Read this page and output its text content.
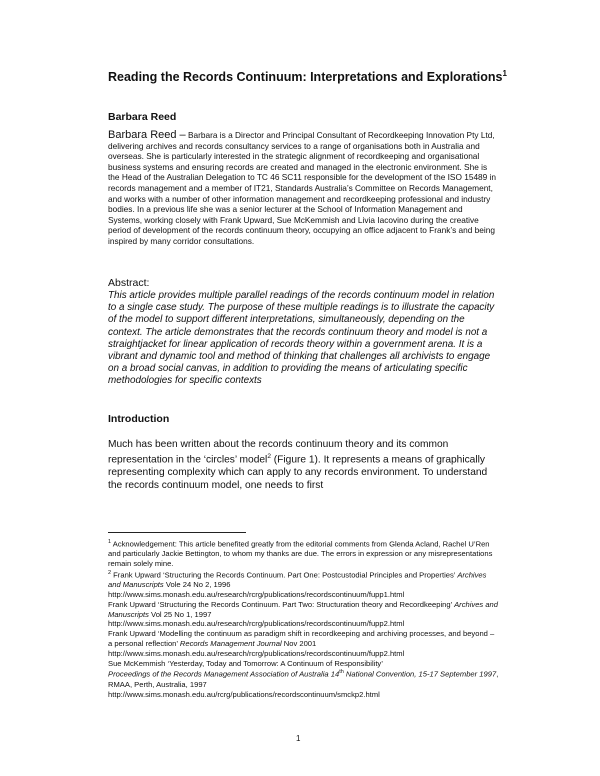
Reading the Records Continuum: Interpretations and Explorations$^1$
Barbara Reed
Barbara Reed – Barbara is a Director and Principal Consultant of Recordkeeping Innovation Pty Ltd, delivering archives and records consultancy services to a range of organisations both in Australia and overseas. She is particularly interested in the strategic alignment of recordkeeping and organisational business systems and ensuring records are created and managed in the electronic environment. She is the Head of the Australian Delegation to TC 46 SC11 responsible for the development of the ISO 15489 in records management and a member of IT21, Standards Australia’s Committee on Records Management, and works with a number of other information management and recordkeeping professional and industry bodies. In a previous life she was a senior lecturer at the School of Information Management and Systems, working closely with Frank Upward, Sue McKemmish and Livia Iacovino during the creative period of development of the records continuum theory, occupying an office adjacent to Frank’s and being inspired by many corridor consultations.
Abstract:
This article provides multiple parallel readings of the records continuum model in relation to a single case study. The purpose of these multiple readings is to illustrate the capacity of the model to support different interpretations, simultaneously, depending on the context. The article demonstrates that the records continuum theory and model is not a straightjacket for linear application of records theory within a government arena. It is a vibrant and dynamic tool and method of thinking that challenges all archivists to engage on a broad social canvas, in addition to providing the means of articulating specific methodologies for specific contexts
Introduction
Much has been written about the records continuum theory and its common representation in the ‘circles’ model$^2$ (Figure 1). It represents a means of graphically representing complexity which can apply to any records environment. To understand the records continuum model, one needs to first

$^1$ Acknowledgement: This article benefited greatly from the editorial comments from Glenda Acland, Rachel U’Ren and particularly Jackie Bettington, to whom my thanks are due. The errors in expression or any misrepresentations remain solely mine.

$^2$ Frank Upward ‘Structuring the Records Continuum. Part One: Postcustodial Principles and Properties’ Archives and Manuscripts Vole 24 No 2, 1996

http://www.sims.monash.edu.au/research/rcrg/publications/recordscontinuum/fupp1.html

Frank Upward ‘Structuring the Records Continuum. Part Two: Structuration theory and Recordkeeping’ Archives and Manuscripts Vol 25 No 1, 1997

http://www.sims.monash.edu.au/research/rcrg/publications/recordscontinuum/fupp2.html

Frank Upward ‘Modelling the continuum as paradigm shift in recordkeeping and archiving processes, and beyond – a personal reflection’ Records Management Journal Nov 2001

http://www.sims.monash.edu.au/research/rcrg/publications/recordscontinuum/fupp2.html

Sue McKemmish ‘Yesterday, Today and Tomorrow: A Continuum of Responsibility’
Proceedings of the Records Management Association of Australia 14th National Convention, 15-17 September 1997, RMAA, Perth, Australia, 1997

http://www.sims.monash.edu.au/rcrg/publications/recordscontinuum/smckp2.html

1
